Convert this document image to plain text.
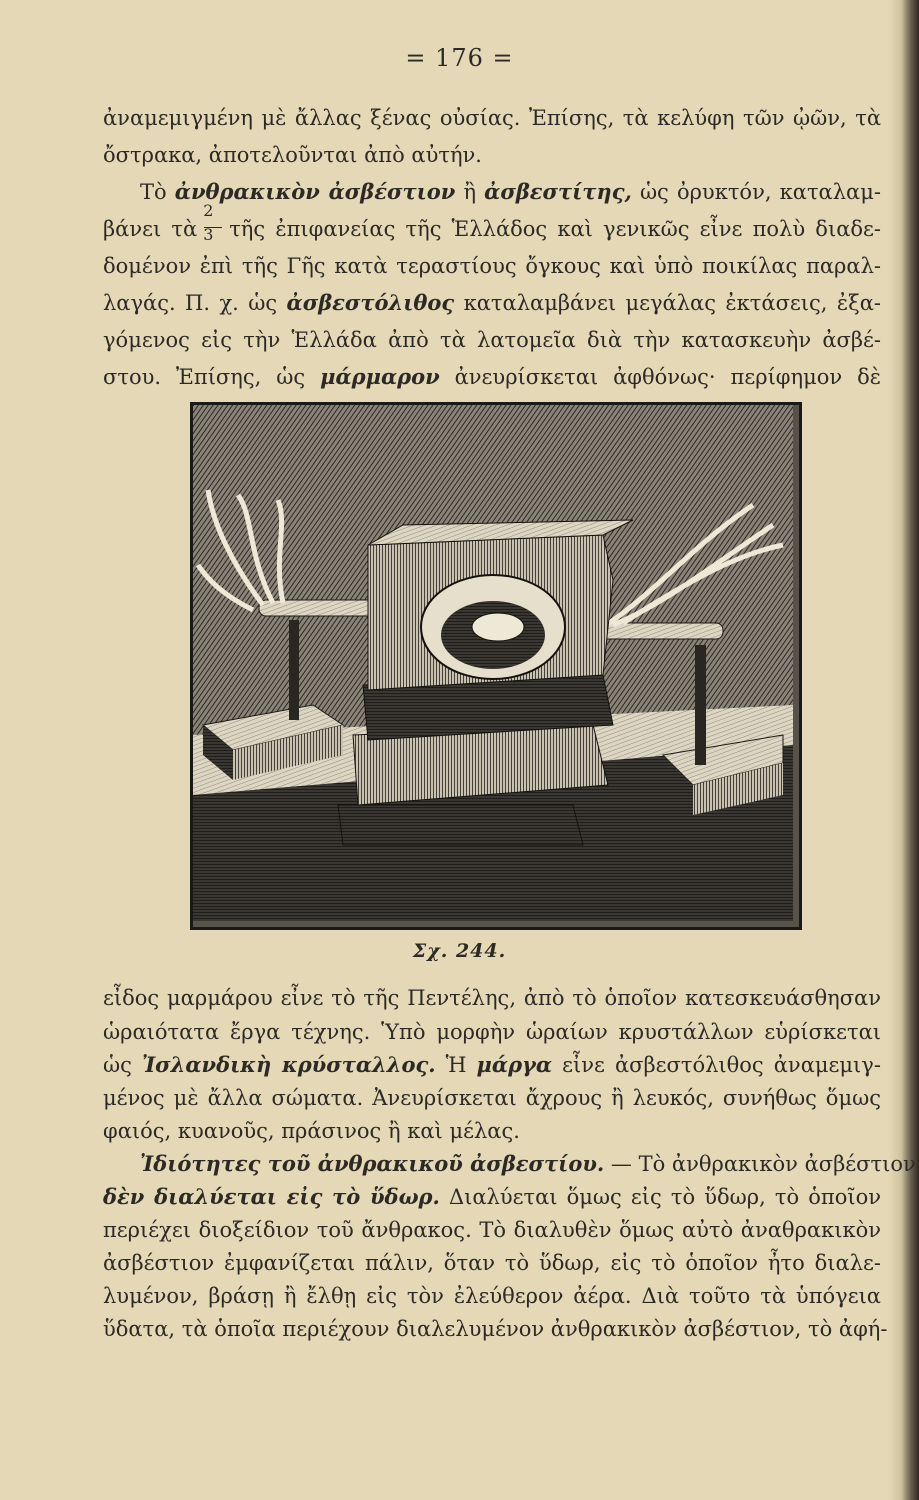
= 176 =

ἀναμεμιγμένη μὲ ἄλλας ξένας οὐσίας. Ἐπίσης, τὰ κελύφη τῶν ᾠῶν, τὰ

ὄστρακα, ἀποτελοῦνται ἀπὸ αὐτήν.

Τὸ ἀνθρακικὸν ἀσβέστιον ἢ ἀσβεστίτης, ὡς ὀρυκτόν, καταλαμ-

βάνει τὰ $\frac{2}{3}$ τῆς ἐπιφανείας τῆς Ἑλλάδος καὶ γενικῶς εἶνε πολὺ διαδε-

δομένον ἐπὶ τῆς Γῆς κατὰ τεραστίους ὄγκους καὶ ὑπὸ ποικίλας παραλ-

λαγάς. Π. χ. ὡς ἀσβεστόλιθος καταλαμβάνει μεγάλας ἐκτάσεις, ἐξα-

γόμενος εἰς τὴν Ἑλλάδα ἀπὸ τὰ λατομεῖα διὰ τὴν κατασκευὴν ἀσβέ-

στου. Ἐπίσης, ὡς μάρμαρον ἀνευρίσκεται ἀφθόνως· περίφημον δὲ

Σχ. 244.

εἶδος μαρμάρου εἶνε τὸ τῆς Πεντέλης, ἀπὸ τὸ ὁποῖον κατεσκευάσθησαν

ὡραιότατα ἔργα τέχνης. Ὑπὸ μορφὴν ὡραίων κρυστάλλων εὑρίσκεται

ὡς Ἰσλανδικὴ κρύσταλλος. Ἡ μάργα εἶνε ἀσβεστόλιθος ἀναμεμιγ-

μένος μὲ ἄλλα σώματα. Ἀνευρίσκεται ἄχρους ἢ λευκός, συνήθως ὅμως

φαιός, κυανοῦς, πράσινος ἢ καὶ μέλας.

Ἰδιότητες τοῦ ἀνθρακικοῦ ἀσβεστίου. — Τὸ ἀνθρακικὸν ἀσβέστιον

δὲν διαλύεται εἰς τὸ ὕδωρ. Διαλύεται ὅμως εἰς τὸ ὕδωρ, τὸ ὁποῖον

περιέχει διοξείδιον τοῦ ἄνθρακος. Τὸ διαλυθὲν ὅμως αὐτὸ ἀναθρακικὸν

ἀσβέστιον ἐμφανίζεται πάλιν, ὅταν τὸ ὕδωρ, εἰς τὸ ὁποῖον ἦτο διαλε-

λυμένον, βράσῃ ἢ ἔλθῃ εἰς τὸν ἐλεύθερον ἀέρα. Διὰ τοῦτο τὰ ὑπόγεια

ὕδατα, τὰ ὁποῖα περιέχουν διαλελυμένον ἀνθρακικὸν ἀσβέστιον, τὸ ἀφή-
